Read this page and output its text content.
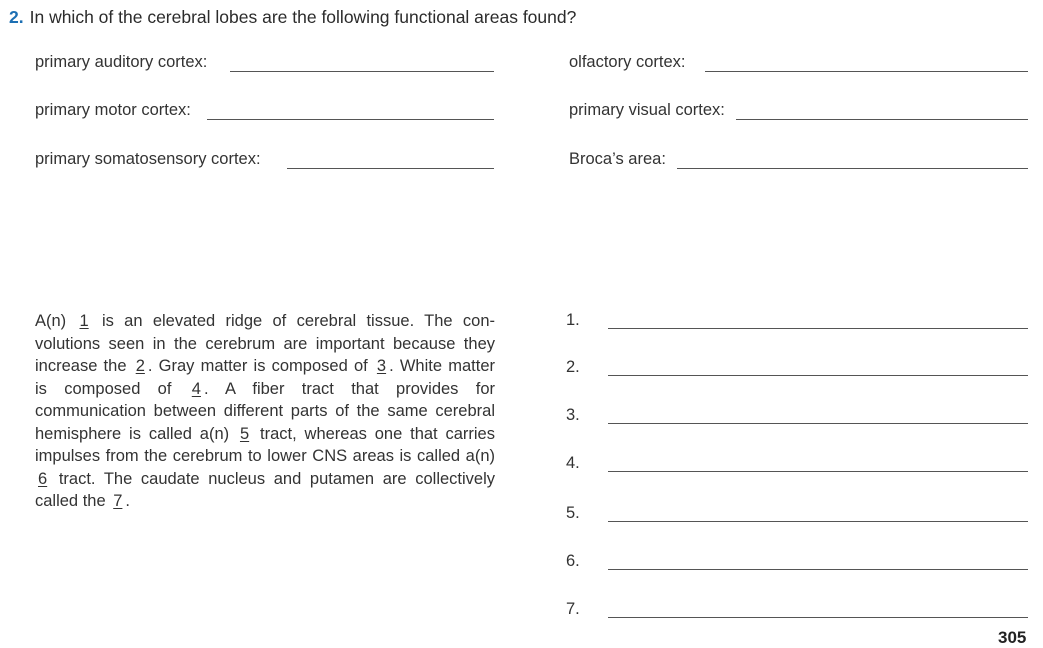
2. In which of the cerebral lobes are the following functional areas found?
primary auditory cortex:
primary motor cortex:
primary somatosensory cortex:
olfactory cortex:
primary visual cortex:
Broca’s area:
A(n) 1 is an elevated ridge of cerebral tissue. The convolutions seen in the cerebrum are important because they increase the 2 . Gray matter is composed of 3 . White matter is composed of 4 . A fiber tract that provides for communication between different parts of the same cerebral hemisphere is called a(n) 5 tract, whereas one that carries impulses from the cerebrum to lower CNS areas is called a(n) 6 tract. The caudate nucleus and putamen are collectively called the 7 .
1.
2.
3.
4.
5.
6.
7.
305
